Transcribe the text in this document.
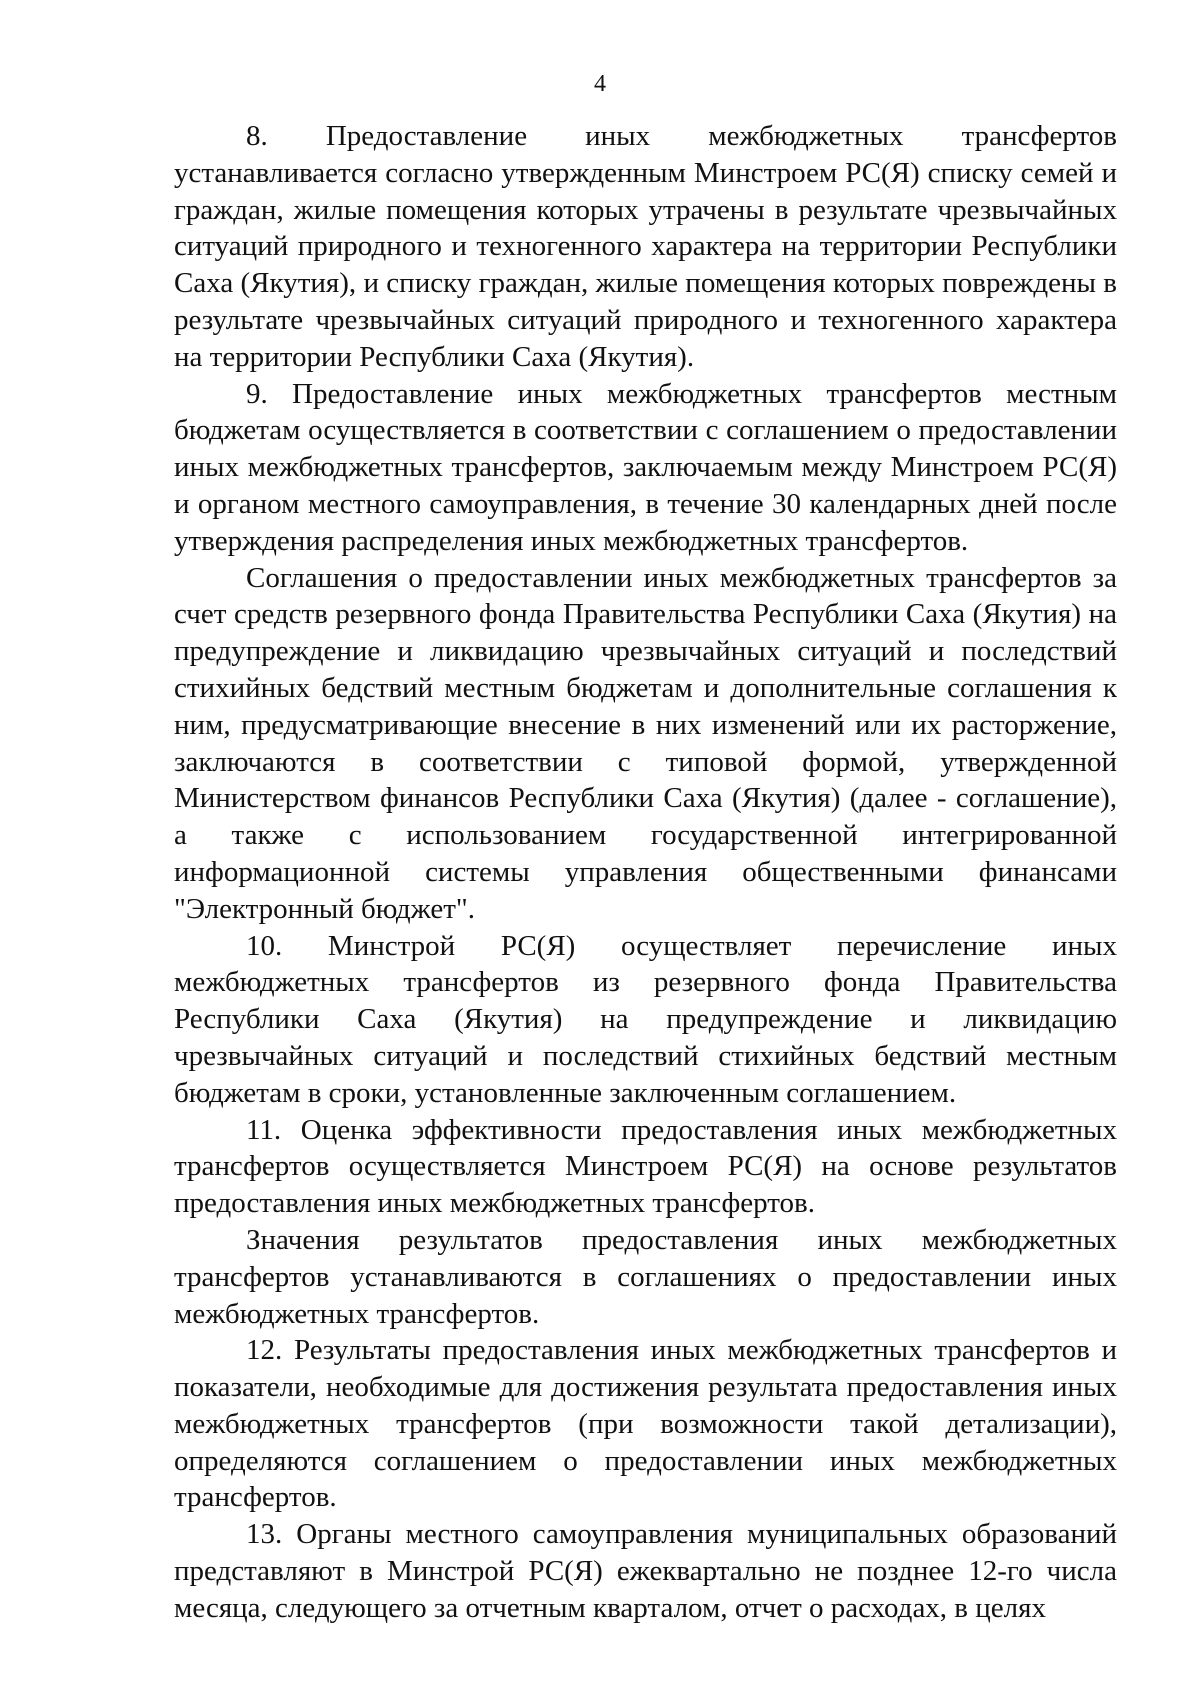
4

8. Предоставление иных межбюджетных трансфертов устанавливается согласно утвержденным Минстроем РС(Я) списку семей и граждан, жилые помещения которых утрачены в результате чрезвычайных ситуаций природного и техногенного характера на территории Республики Саха (Якутия), и списку граждан, жилые помещения которых повреждены в результате чрезвычайных ситуаций природного и техногенного характера на территории Республики Саха (Якутия).

9. Предоставление иных межбюджетных трансфертов местным бюджетам осуществляется в соответствии с соглашением о предоставлении иных межбюджетных трансфертов, заключаемым между Минстроем РС(Я) и органом местного самоуправления, в течение 30 календарных дней после утверждения распределения иных межбюджетных трансфертов.

Соглашения о предоставлении иных межбюджетных трансфертов за счет средств резервного фонда Правительства Республики Саха (Якутия) на предупреждение и ликвидацию чрезвычайных ситуаций и последствий стихийных бедствий местным бюджетам и дополнительные соглашения к ним, предусматривающие внесение в них изменений или их расторжение, заключаются в соответствии с типовой формой, утвержденной Министерством финансов Республики Саха (Якутия) (далее - соглашение), а также с использованием государственной интегрированной информационной системы управления общественными финансами "Электронный бюджет".

10. Минстрой РС(Я) осуществляет перечисление иных межбюджетных трансфертов из резервного фонда Правительства Республики Саха (Якутия) на предупреждение и ликвидацию чрезвычайных ситуаций и последствий стихийных бедствий местным бюджетам в сроки, установленные заключенным соглашением.

11. Оценка эффективности предоставления иных межбюджетных трансфертов осуществляется Минстроем РС(Я) на основе результатов предоставления иных межбюджетных трансфертов.

Значения результатов предоставления иных межбюджетных трансфертов устанавливаются в соглашениях о предоставлении иных межбюджетных трансфертов.

12. Результаты предоставления иных межбюджетных трансфертов и показатели, необходимые для достижения результата предоставления иных межбюджетных трансфертов (при возможности такой детализации), определяются соглашением о предоставлении иных межбюджетных трансфертов.

13. Органы местного самоуправления муниципальных образований представляют в Минстрой РС(Я) ежеквартально не позднее 12-го числа месяца, следующего за отчетным кварталом, отчет о расходах, в целях
